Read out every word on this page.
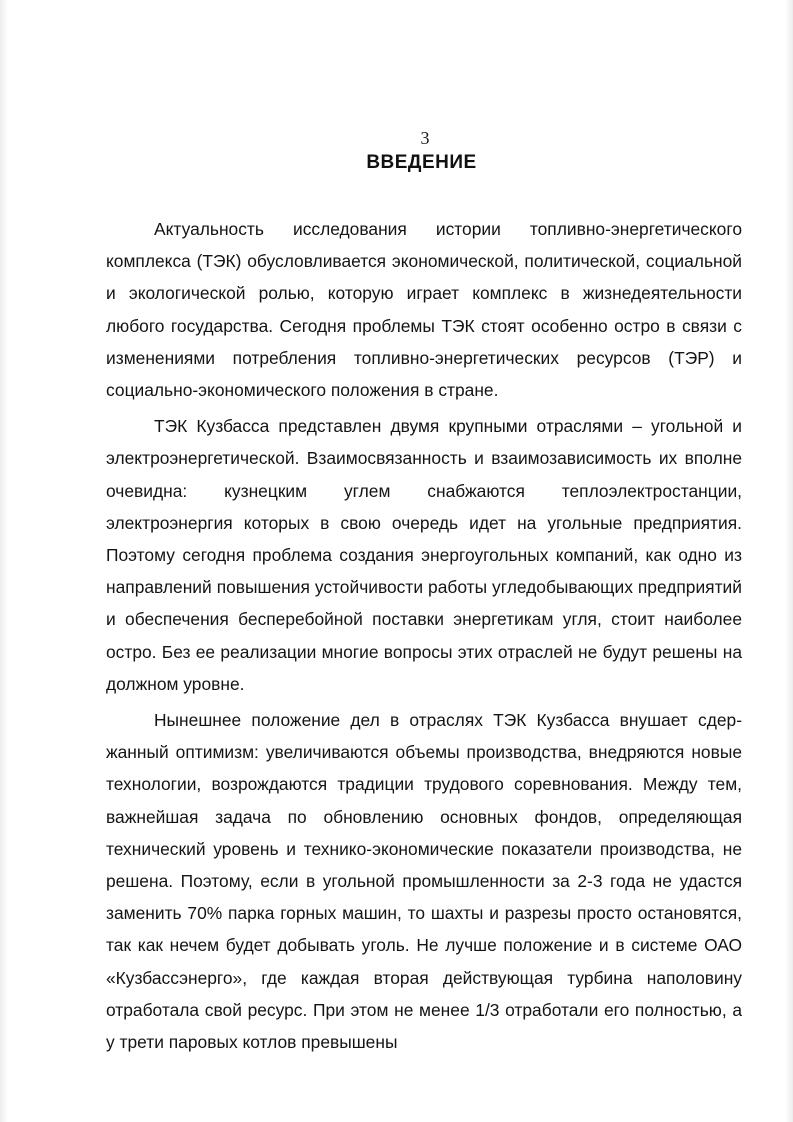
3
ВВЕДЕНИЕ

Актуальность исследования истории топливно-энергетического комплекса (ТЭК) обусловливается экономической, политической, социальной и экологической ролью, которую играет комплекс в жизнедеятельности любого государства. Сегодня проблемы ТЭК стоят особенно остро в связи с изменениями потребления топливно-энергетических ресурсов (ТЭР) и социально-экономического положения в стране.

ТЭК Кузбасса представлен двумя крупными отраслями – угольной и электроэнергетической. Взаимосвязанность и взаимозависимость их вполне очевидна: кузнецким углем снабжаются теплоэлектростанции, электроэнергия которых в свою очередь идет на угольные предприятия. Поэтому сегодня проблема создания энергоугольных компаний, как одно из направлений повышения устойчивости работы угледобывающих предприятий и обеспечения бесперебойной поставки энергетикам угля, стоит наиболее остро. Без ее реализации многие вопросы этих отраслей не будут решены на должном уровне.

Нынешнее положение дел в отраслях ТЭК Кузбасса внушает сдержанный оптимизм: увеличиваются объемы производства, внедряются новые технологии, возрождаются традиции трудового соревнования. Между тем, важнейшая задача по обновлению основных фондов, определяющая технический уровень и технико-экономические показатели производства, не решена. Поэтому, если в угольной промышленности за 2-3 года не удастся заменить 70% парка горных машин, то шахты и разрезы просто остановятся, так как нечем будет добывать уголь. Не лучше положение и в системе ОАО «Кузбассэнерго», где каждая вторая действующая турбина наполовину отработала свой ресурс. При этом не менее 1/3 отработали его полностью, а у трети паровых котлов превышены
